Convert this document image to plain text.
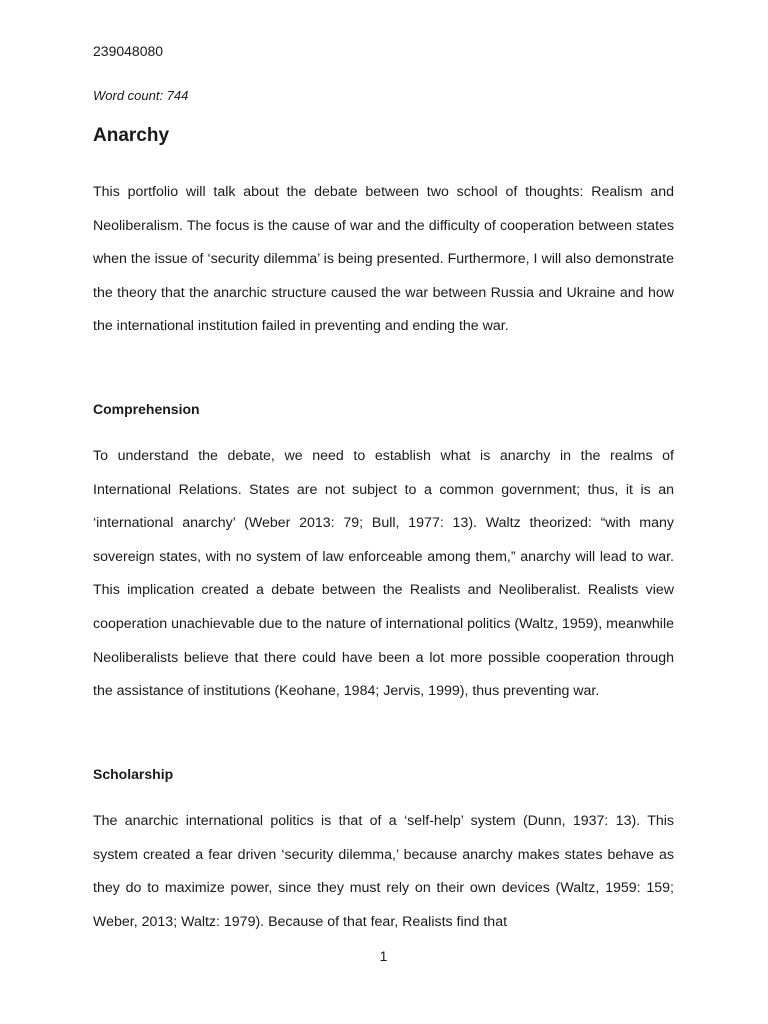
239048080
Word count: 744
Anarchy

This portfolio will talk about the debate between two school of thoughts: Realism and Neoliberalism. The focus is the cause of war and the difficulty of cooperation between states when the issue of ‘security dilemma’ is being presented. Furthermore, I will also demonstrate the theory that the anarchic structure caused the war between Russia and Ukraine and how the international institution failed in preventing and ending the war.

Comprehension

To understand the debate, we need to establish what is anarchy in the realms of International Relations. States are not subject to a common government; thus, it is an ‘international anarchy’ (Weber 2013: 79; Bull, 1977: 13). Waltz theorized: “with many sovereign states, with no system of law enforceable among them,” anarchy will lead to war. This implication created a debate between the Realists and Neoliberalist. Realists view cooperation unachievable due to the nature of international politics (Waltz, 1959), meanwhile Neoliberalists believe that there could have been a lot more possible cooperation through the assistance of institutions (Keohane, 1984; Jervis, 1999), thus preventing war.

Scholarship

The anarchic international politics is that of a ‘self-help’ system (Dunn, 1937: 13). This system created a fear driven ‘security dilemma,’ because anarchy makes states behave as they do to maximize power, since they must rely on their own devices (Waltz, 1959: 159; Weber, 2013; Waltz: 1979). Because of that fear, Realists find that

1
